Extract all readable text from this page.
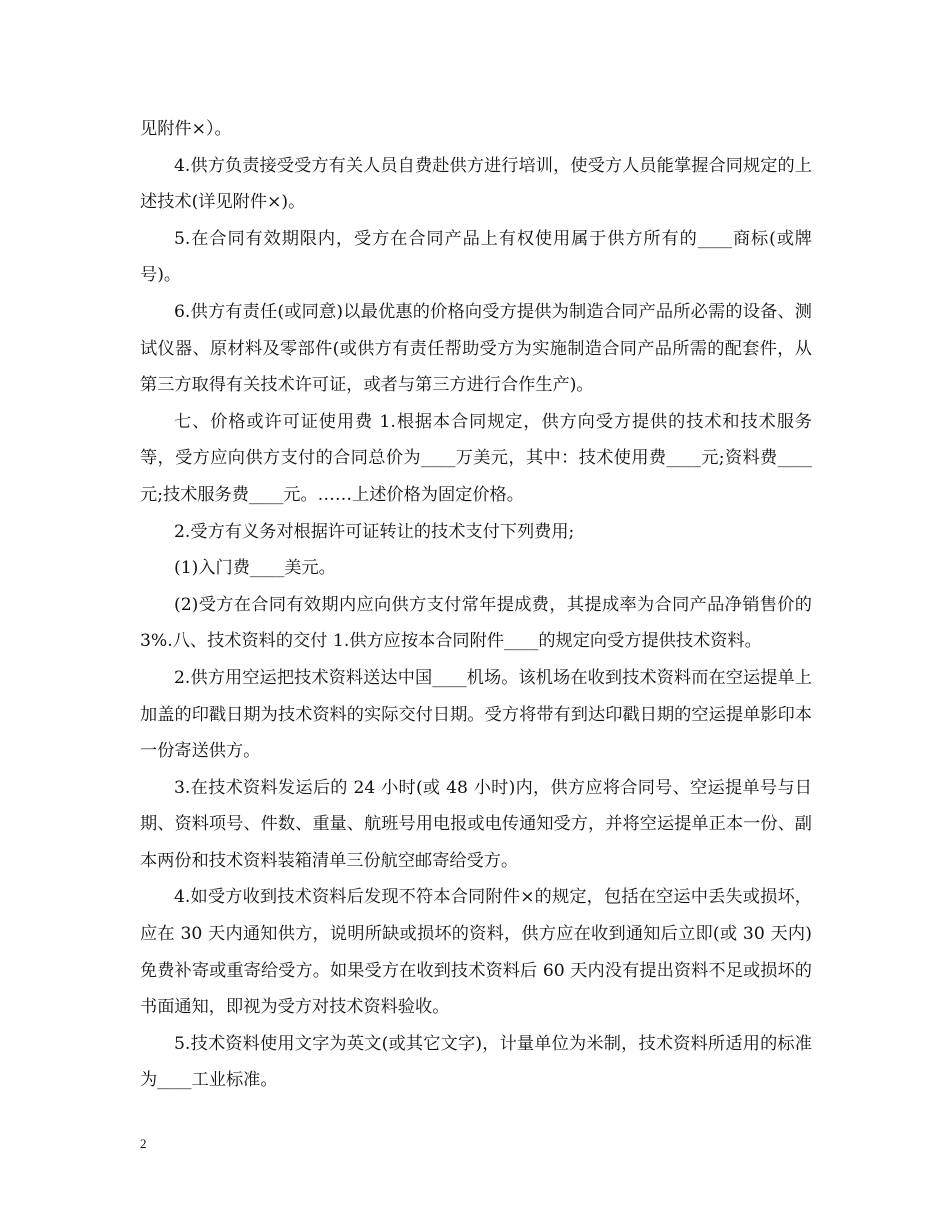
见附件×）。

4.供方负责接受受方有关人员自费赴供方进行培训，使受方人员能掌握合同规定的上述技术(详见附件×)。

5.在合同有效期限内，受方在合同产品上有权使用属于供方所有的____商标(或牌号)。

6.供方有责任(或同意)以最优惠的价格向受方提供为制造合同产品所必需的设备、测试仪器、原材料及零部件(或供方有责任帮助受方为实施制造合同产品所需的配套件，从第三方取得有关技术许可证，或者与第三方进行合作生产)。

七、价格或许可证使用费 1.根据本合同规定，供方向受方提供的技术和技术服务等，受方应向供方支付的合同总价为____万美元，其中：技术使用费____元;资料费____元;技术服务费____元。……上述价格为固定价格。

2.受方有义务对根据许可证转让的技术支付下列费用;

(1)入门费____美元。

(2)受方在合同有效期内应向供方支付常年提成费，其提成率为合同产品净销售价的 3%.八、技术资料的交付 1.供方应按本合同附件____的规定向受方提供技术资料。

2.供方用空运把技术资料送达中国____机场。该机场在收到技术资料而在空运提单上加盖的印戳日期为技术资料的实际交付日期。受方将带有到达印戳日期的空运提单影印本一份寄送供方。

3.在技术资料发运后的 24 小时(或 48 小时)内，供方应将合同号、空运提单号与日期、资料项号、件数、重量、航班号用电报或电传通知受方，并将空运提单正本一份、副本两份和技术资料装箱清单三份航空邮寄给受方。

4.如受方收到技术资料后发现不符本合同附件×的规定，包括在空运中丢失或损坏，应在 30 天内通知供方，说明所缺或损坏的资料，供方应在收到通知后立即(或 30 天内)免费补寄或重寄给受方。如果受方在收到技术资料后 60 天内没有提出资料不足或损坏的书面通知，即视为受方对技术资料验收。

5.技术资料使用文字为英文(或其它文字)，计量单位为米制，技术资料所适用的标准为____工业标准。

2
